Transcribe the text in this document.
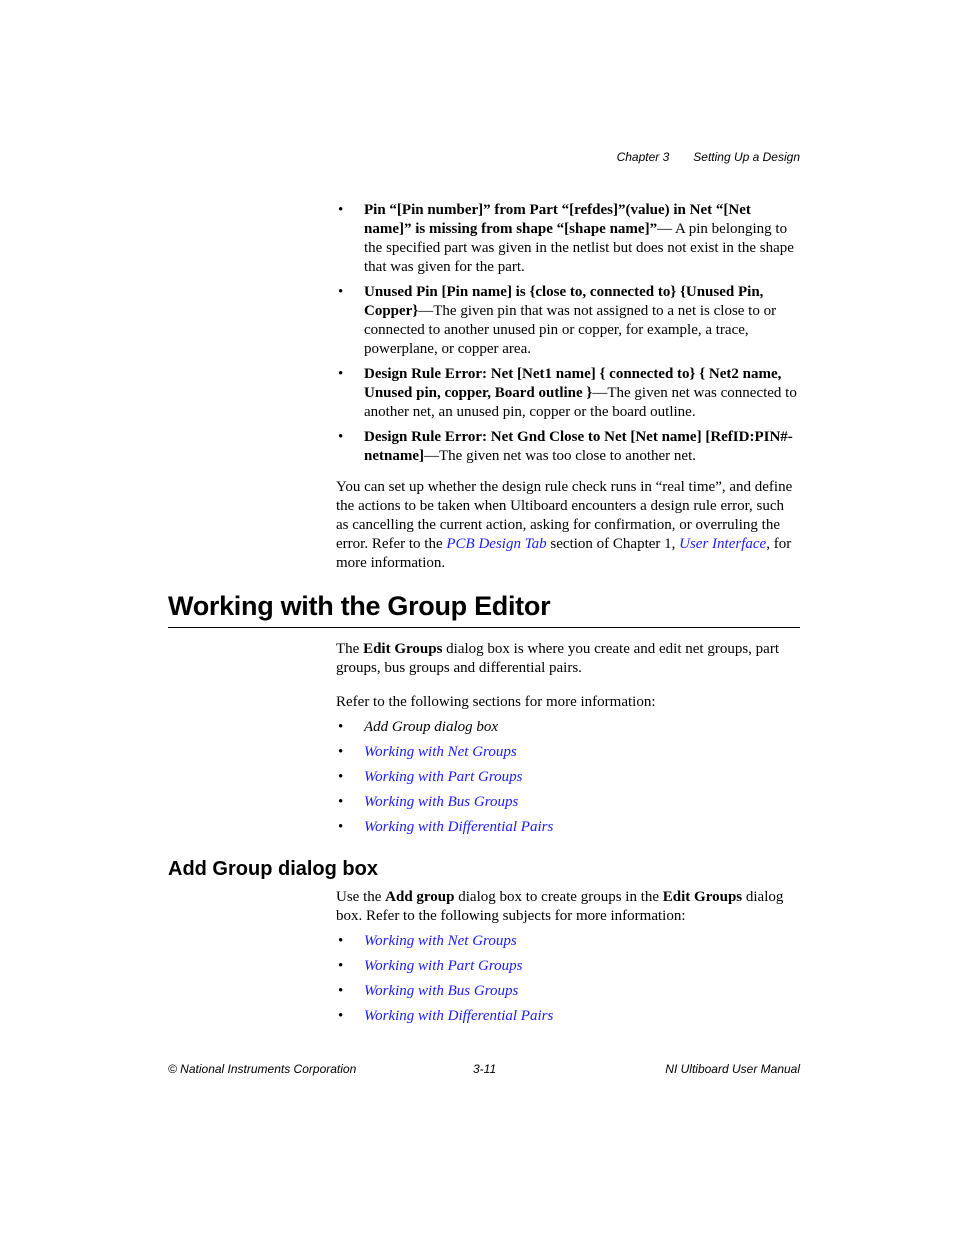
Chapter 3 Setting Up a Design
• Pin “[Pin number]” from Part “[refdes]”(value) in Net “[Net name]” is missing from shape “[shape name]”— A pin belonging to the specified part was given in the netlist but does not exist in the shape that was given for the part.
• Unused Pin [Pin name] is {close to, connected to} {Unused Pin, Copper}—The given pin that was not assigned to a net is close to or connected to another unused pin or copper, for example, a trace, powerplane, or copper area.
• Design Rule Error: Net [Net1 name] { connected to} { Net2 name, Unused pin, copper, Board outline }—The given net was connected to another net, an unused pin, copper or the board outline.
• Design Rule Error: Net Gnd Close to Net [Net name] [RefID:PIN#-netname]—The given net was too close to another net.

You can set up whether the design rule check runs in “real time”, and define the actions to be taken when Ultiboard encounters a design rule error, such as cancelling the current action, asking for confirmation, or overruling the error. Refer to the PCB Design Tab section of Chapter 1, User Interface, for more information.

Working with the Group Editor

The Edit Groups dialog box is where you create and edit net groups, part groups, bus groups and differential pairs.

Refer to the following sections for more information:

• Add Group dialog box
• Working with Net Groups
• Working with Part Groups
• Working with Bus Groups
• Working with Differential Pairs
Add Group dialog box

Use the Add group dialog box to create groups in the Edit Groups dialog box. Refer to the following subjects for more information:

• Working with Net Groups
• Working with Part Groups
• Working with Bus Groups
• Working with Differential Pairs
© National Instruments Corporation	3-11	NI Ultiboard User Manual
